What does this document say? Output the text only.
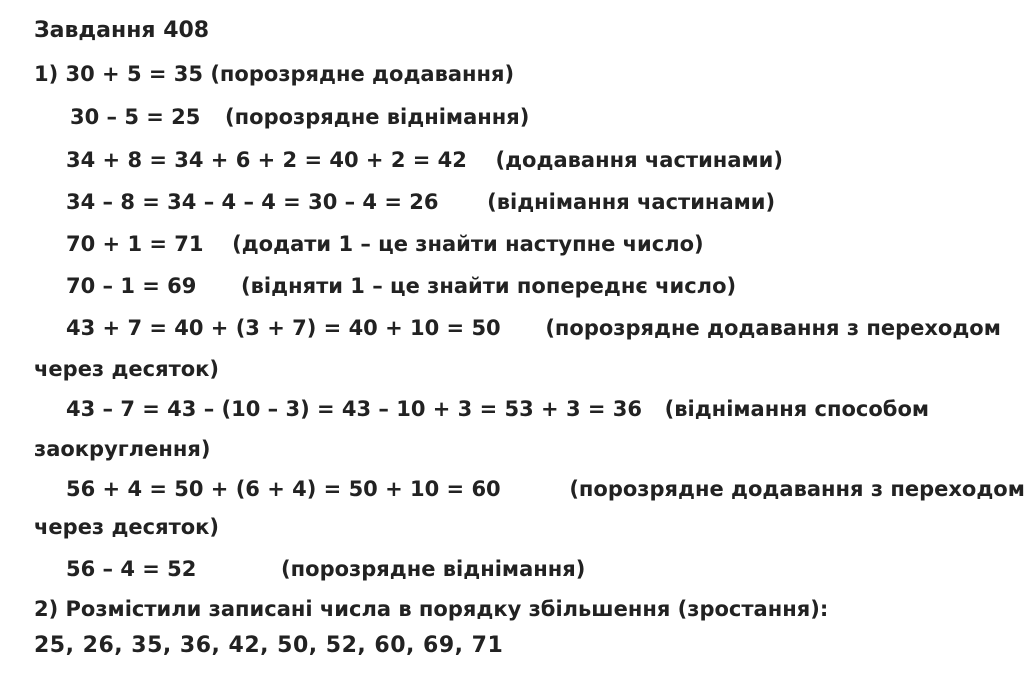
Завдання 408
1) 30 + 5 = 35 (порозрядне додавання)
30 – 5 = 25 (порозрядне віднімання)
34 + 8 = 34 + 6 + 2 = 40 + 2 = 42 (додавання частинами)
34 – 8 = 34 – 4 – 4 = 30 – 4 = 26 (віднімання частинами)
70 + 1 = 71 (додати 1 – це знайти наступне число)
70 – 1 = 69 (відняти 1 – це знайти попереднє число)
43 + 7 = 40 + (3 + 7) = 40 + 10 = 50 (порозрядне додавання з переходом
через десяток)
43 – 7 = 43 – (10 – 3) = 43 – 10 + 3 = 53 + 3 = 36 (віднімання способом
заокруглення)
56 + 4 = 50 + (6 + 4) = 50 + 10 = 60	(порозрядне додавання з переходом
через десяток)
56 – 4 = 52	(порозрядне віднімання)
2) Розмістили записані числа в порядку збільшення (зростання):
25, 26, 35, 36, 42, 50, 52, 60, 69, 71
